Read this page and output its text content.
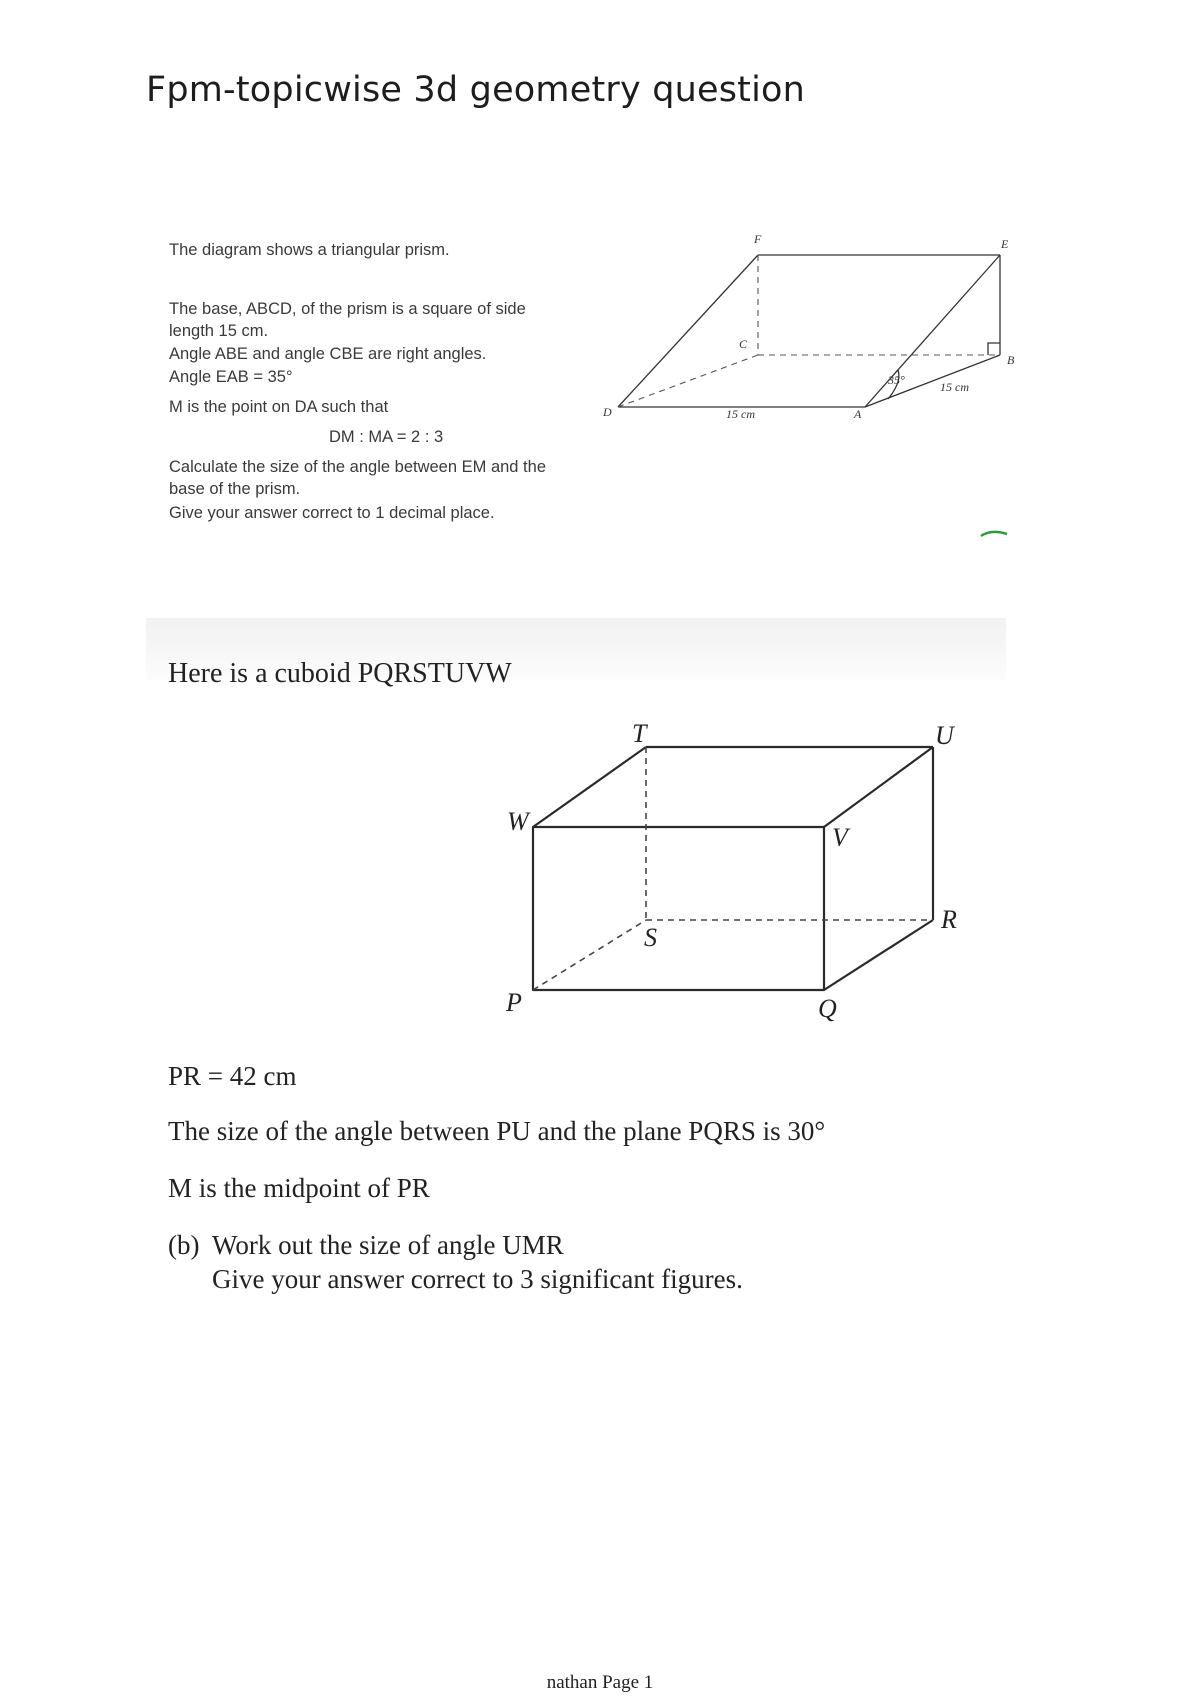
Fpm-topicwise 3d geometry question
The diagram shows a triangular prism.
The base, ABCD, of the prism is a square of side
length 15 cm.
Angle ABE and angle CBE are right angles.
Angle EAB = 35°
M is the point on DA such that
DM : MA = 2 : 3
Calculate the size of the angle between EM and the
base of the prism.
Give your answer correct to 1 decimal place.
F	E
C
B
D	A
35°
15 cm
15 cm
Here is a cuboid PQRSTUVW
T	U
W
V
R
S
P	Q
PR = 42 cm
The size of the angle between PU and the plane PQRS is 30°
M is the midpoint of PR
(b) Work out the size of angle UMR
Give your answer correct to 3 significant figures.
nathan Page 1
